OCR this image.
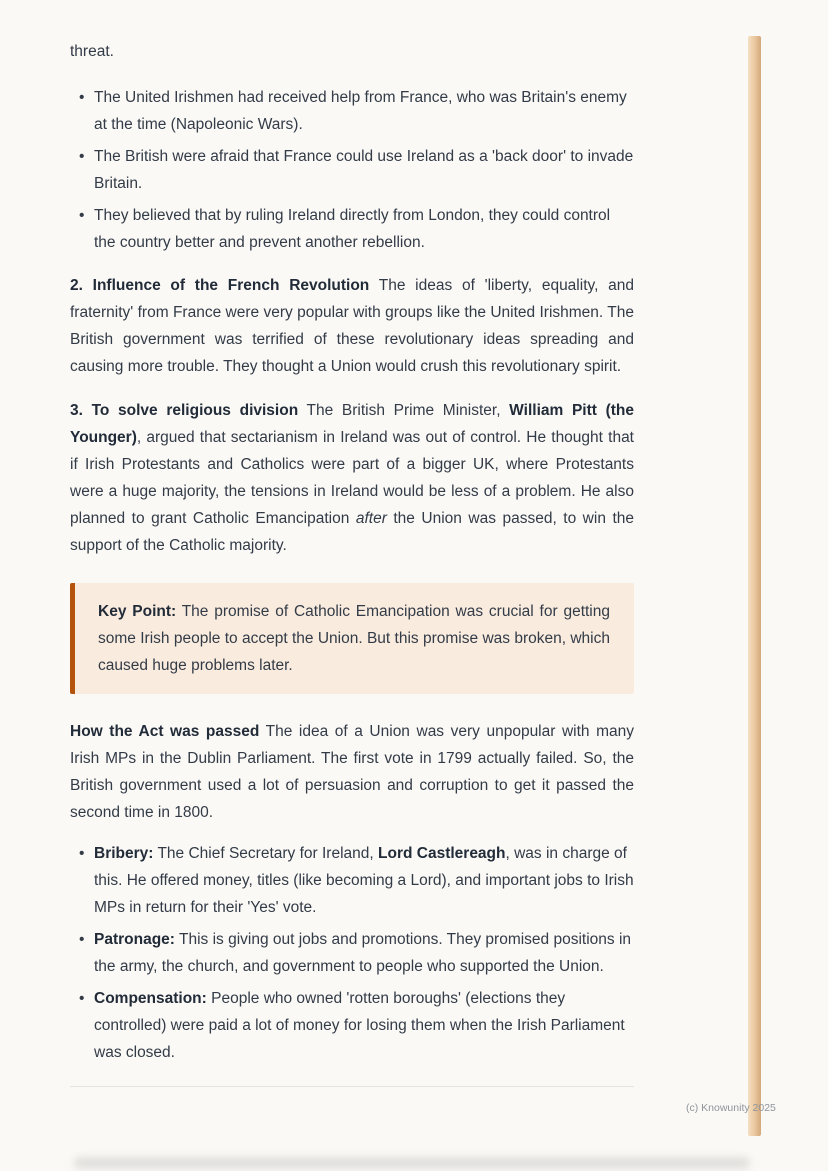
threat.

• The United Irishmen had received help from France, who was Britain's enemy at the time (Napoleonic Wars).
• The British were afraid that France could use Ireland as a 'back door' to invade Britain.
• They believed that by ruling Ireland directly from London, they could control the country better and prevent another rebellion.

2. Influence of the French Revolution The ideas of 'liberty, equality, and fraternity' from France were very popular with groups like the United Irishmen. The British government was terrified of these revolutionary ideas spreading and causing more trouble. They thought a Union would crush this revolutionary spirit.

3. To solve religious division The British Prime Minister, William Pitt (the Younger), argued that sectarianism in Ireland was out of control. He thought that if Irish Protestants and Catholics were part of a bigger UK, where Protestants were a huge majority, the tensions in Ireland would be less of a problem. He also planned to grant Catholic Emancipation after the Union was passed, to win the support of the Catholic majority.

Key Point: The promise of Catholic Emancipation was crucial for getting some Irish people to accept the Union. But this promise was broken, which caused huge problems later.

How the Act was passed The idea of a Union was very unpopular with many Irish MPs in the Dublin Parliament. The first vote in 1799 actually failed. So, the British government used a lot of persuasion and corruption to get it passed the second time in 1800.

• Bribery: The Chief Secretary for Ireland, Lord Castlereagh, was in charge of this. He offered money, titles (like becoming a Lord), and important jobs to Irish MPs in return for their 'Yes' vote.
• Patronage: This is giving out jobs and promotions. They promised positions in the army, the church, and government to people who supported the Union.
• Compensation: People who owned 'rotten boroughs' (elections they controlled) were paid a lot of money for losing them when the Irish Parliament was closed.
(c) Knowunity 2025
